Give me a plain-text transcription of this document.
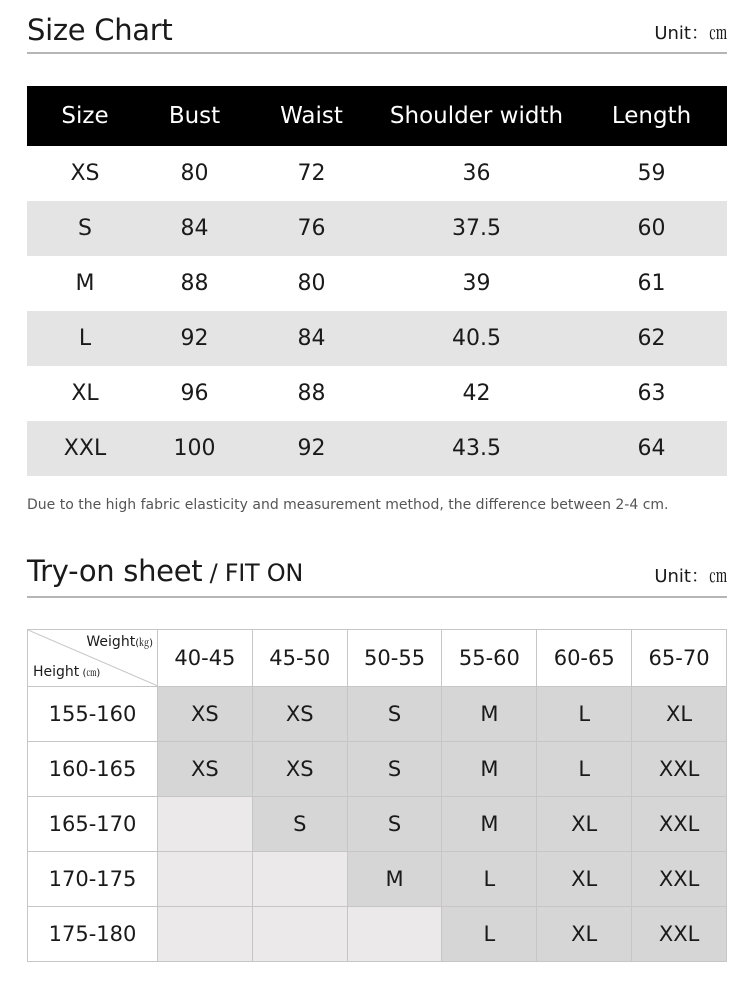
Size Chart	Unit：㎝
Size	Bust	Waist	Shoulder width	Length
XS	80	72	36	59
S	84	76	37.5	60
M	88	80	39	61
L	92	84	40.5	62
XL	96	88	42	63
XXL	100	92	43.5	64
Due to the high fabric elasticity and measurement method, the difference between 2-4 cm.
Try-on sheet / FIT ON	Unit：㎝
Weight(㎏)
Height (㎝)	40-45	45-50	50-55	55-60	60-65	65-70
155-160	XS	XS	S	M	L	XL
160-165	XS	XS	S	M	L	XXL
165-170		S	S	M	XL	XXL
170-175			M	L	XL	XXL
175-180				L	XL	XXL
